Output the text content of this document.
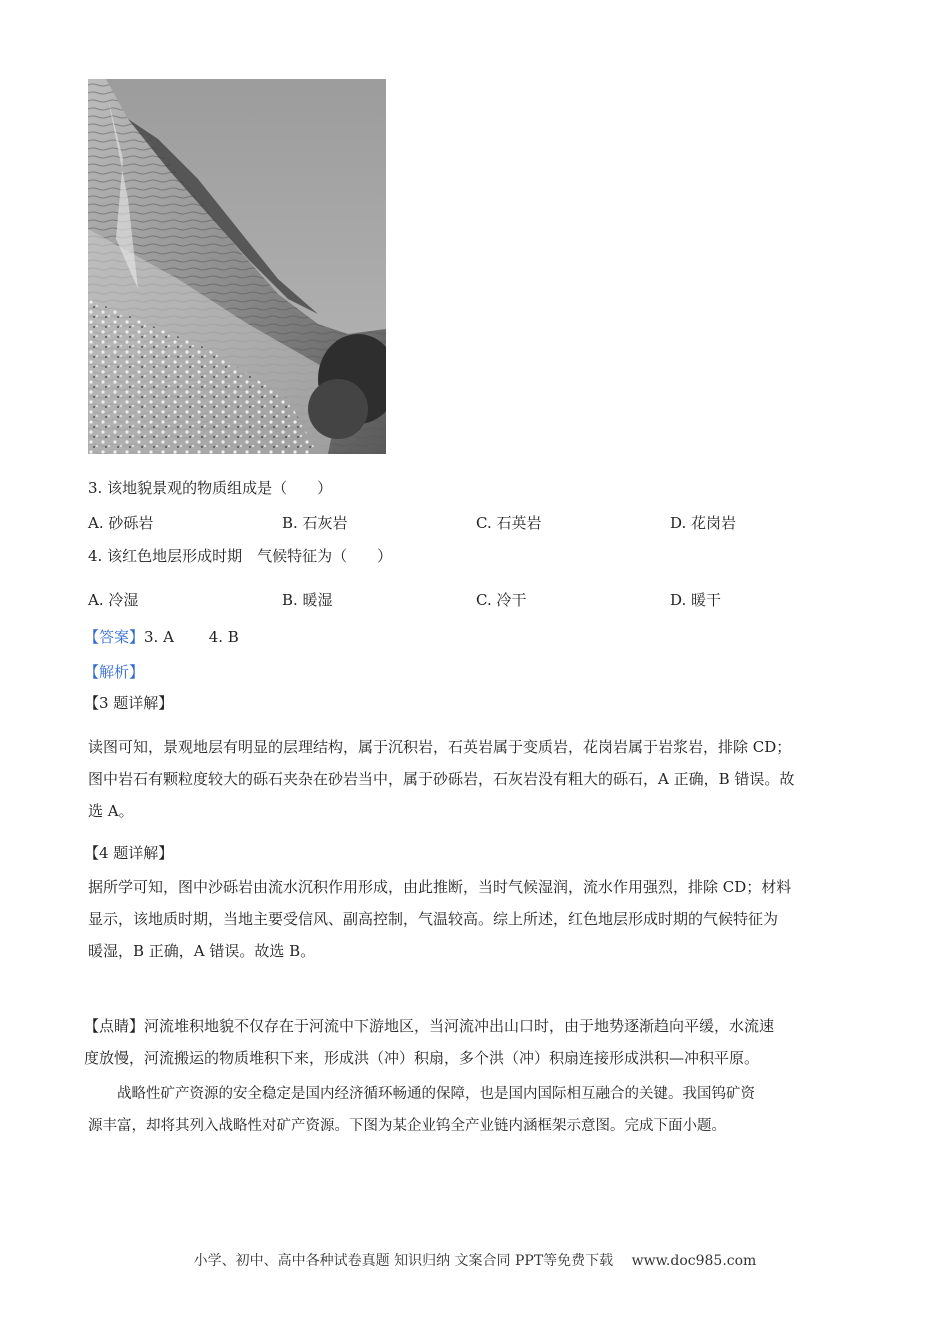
3. 该地貌景观的物质组成是（　　）
A. 砂砾岩	B. 石灰岩	C. 石英岩	D. 花岗岩
4. 该红色地层形成时期　气候特征为（　　）
A. 冷湿	B. 暖湿	C. 冷干	D. 暖干
【答案】3. A　　 4. B
【解析】
【3 题详解】
读图可知，景观地层有明显的层理结构，属于沉积岩，石英岩属于变质岩，花岗岩属于岩浆岩，排除 CD；
图中岩石有颗粒度较大的砾石夹杂在砂岩当中，属于砂砾岩，石灰岩没有粗大的砾石，A 正确，B 错误。故
选 A。
【4 题详解】
据所学可知，图中沙砾岩由流水沉积作用形成，由此推断，当时气候湿润，流水作用强烈，排除 CD；材料
显示，该地质时期，当地主要受信风、副高控制，气温较高。综上所述，红色地层形成时期的气候特征为
暖湿，B 正确，A 错误。故选 B。
【点睛】河流堆积地貌不仅存在于河流中下游地区，当河流冲出山口时，由于地势逐渐趋向平缓，水流速
度放慢，河流搬运的物质堆积下来，形成洪（冲）积扇，多个洪（冲）积扇连接形成洪积—冲积平原。
　　战略性矿产资源的安全稳定是国内经济循环畅通的保障，也是国内国际相互融合的关键。我国钨矿资
源丰富，却将其列入战略性对矿产资源。下图为某企业钨全产业链内涵框架示意图。完成下面小题。
小学、初中、高中各种试卷真题 知识归纳 文案合同 PPT等免费下载　 www.doc985.com
